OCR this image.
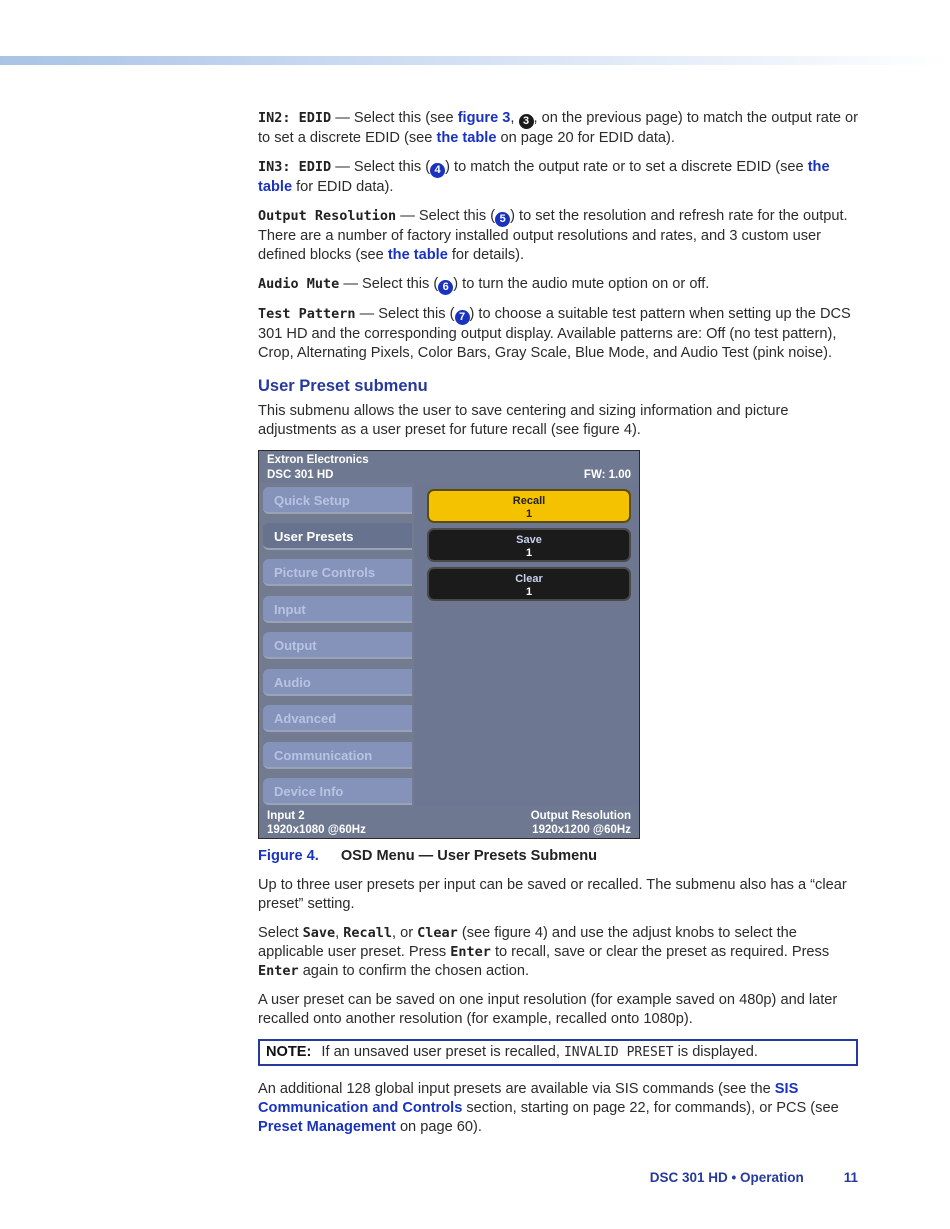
IN2: EDID — Select this (see figure 3, 3 , on the previous page) to match the output rate or to set a discrete EDID (see the table on page 20 for EDID data).

IN3: EDID — Select this ( 4 ) to match the output rate or to set a discrete EDID (see the table for EDID data).

Output Resolution — Select this ( 5 ) to set the resolution and refresh rate for the output. There are a number of factory installed output resolutions and rates, and 3 custom user defined blocks (see the table for details).

Audio Mute — Select this ( 6 ) to turn the audio mute option on or off.

Test Pattern — Select this ( 7 ) to choose a suitable test pattern when setting up the DCS 301 HD and the corresponding output display. Available patterns are: Off (no test pattern), Crop, Alternating Pixels, Color Bars, Gray Scale, Blue Mode, and Audio Test (pink noise).

User Preset submenu

This submenu allows the user to save centering and sizing information and picture adjustments as a user preset for future recall (see figure 4).

Extron Electronics
DSC 301 HD	FW: 1.00
Quick Setup
User Presets
Picture Controls
Input
Output
Audio
Advanced
Communication
Device Info
Recall
1
Save
1
Clear
1
Input 2
1920x1080 @60Hz
Output Resolution
1920x1200 @60Hz

Figure 4. OSD Menu — User Presets Submenu

Up to three user presets per input can be saved or recalled. The submenu also has a “clear preset” setting.

Select Save, Recall, or Clear (see figure 4) and use the adjust knobs to select the applicable user preset. Press Enter to recall, save or clear the preset as required. Press Enter again to confirm the chosen action.

A user preset can be saved on one input resolution (for example saved on 480p) and later recalled onto another resolution (for example, recalled onto 1080p).

NOTE: If an unsaved user preset is recalled, INVALID PRESET is displayed.

An additional 128 global input presets are available via SIS commands (see the SIS Communication and Controls section, starting on page 22, for commands), or PCS (see Preset Management on page 60).

DSC 301 HD • Operation	11
